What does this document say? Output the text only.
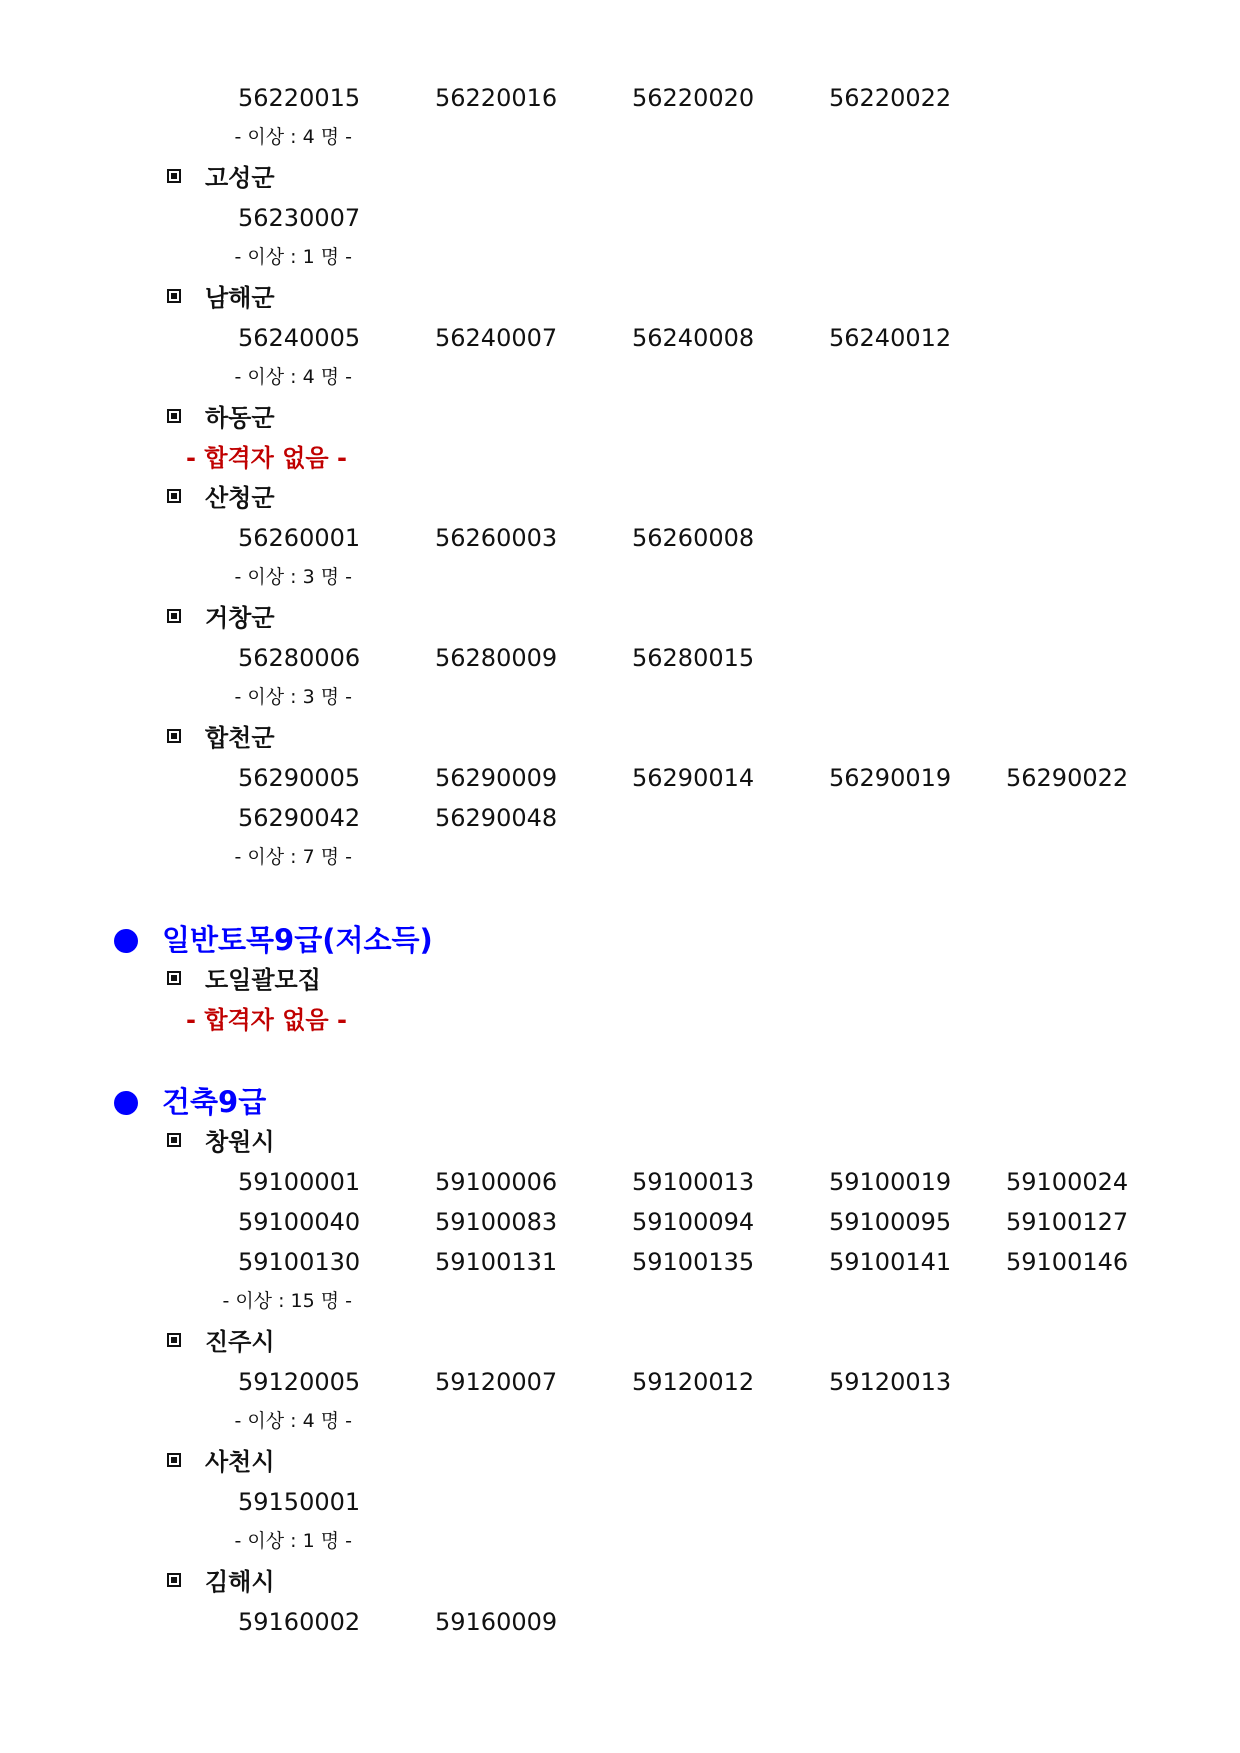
56220015	56220016	56220020	56220022
- 이상 : 4 명 -
고성군
56230007
- 이상 : 1 명 -
남해군
56240005	56240007	56240008	56240012
- 이상 : 4 명 -
하동군
- 합격자 없음 -
산청군
56260001	56260003	56260008
- 이상 : 3 명 -
거창군
56280006	56280009	56280015
- 이상 : 3 명 -
합천군
56290005	56290009	56290014	56290019 56290022
56290042	56290048
- 이상 : 7 명 -
일반토목9급(저소득)
도일괄모집
- 합격자 없음 -
건축9급
창원시
59100001	59100006	59100013	59100019 59100024
59100040	59100083	59100094	59100095 59100127
59100130	59100131	59100135	59100141 59100146
- 이상 : 15 명 -
진주시
59120005	59120007	59120012	59120013
- 이상 : 4 명 -
사천시
59150001
- 이상 : 1 명 -
김해시
59160002	59160009
